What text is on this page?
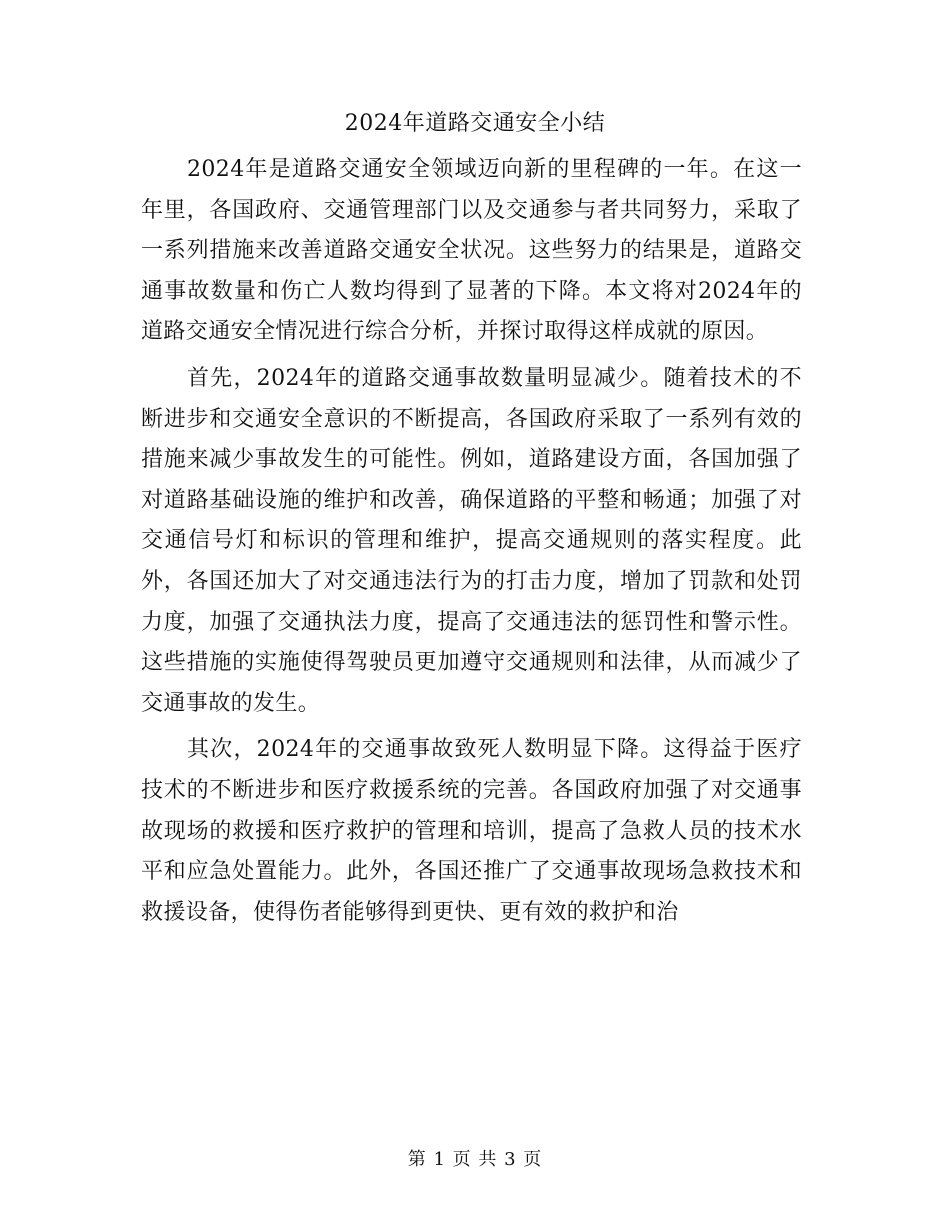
2024年道路交通安全小结

2024年是道路交通安全领域迈向新的里程碑的一年。在这一年里，各国政府、交通管理部门以及交通参与者共同努力，采取了一系列措施来改善道路交通安全状况。这些努力的结果是，道路交通事故数量和伤亡人数均得到了显著的下降。本文将对2024年的道路交通安全情况进行综合分析，并探讨取得这样成就的原因。

首先，2024年的道路交通事故数量明显减少。随着技术的不断进步和交通安全意识的不断提高，各国政府采取了一系列有效的措施来减少事故发生的可能性。例如，道路建设方面，各国加强了对道路基础设施的维护和改善，确保道路的平整和畅通；加强了对交通信号灯和标识的管理和维护，提高交通规则的落实程度。此外，各国还加大了对交通违法行为的打击力度，增加了罚款和处罚力度，加强了交通执法力度，提高了交通违法的惩罚性和警示性。这些措施的实施使得驾驶员更加遵守交通规则和法律，从而减少了交通事故的发生。

其次，2024年的交通事故致死人数明显下降。这得益于医疗技术的不断进步和医疗救援系统的完善。各国政府加强了对交通事故现场的救援和医疗救护的管理和培训，提高了急救人员的技术水平和应急处置能力。此外，各国还推广了交通事故现场急救技术和救援设备，使得伤者能够得到更快、更有效的救护和治

第 1 页 共 3 页
